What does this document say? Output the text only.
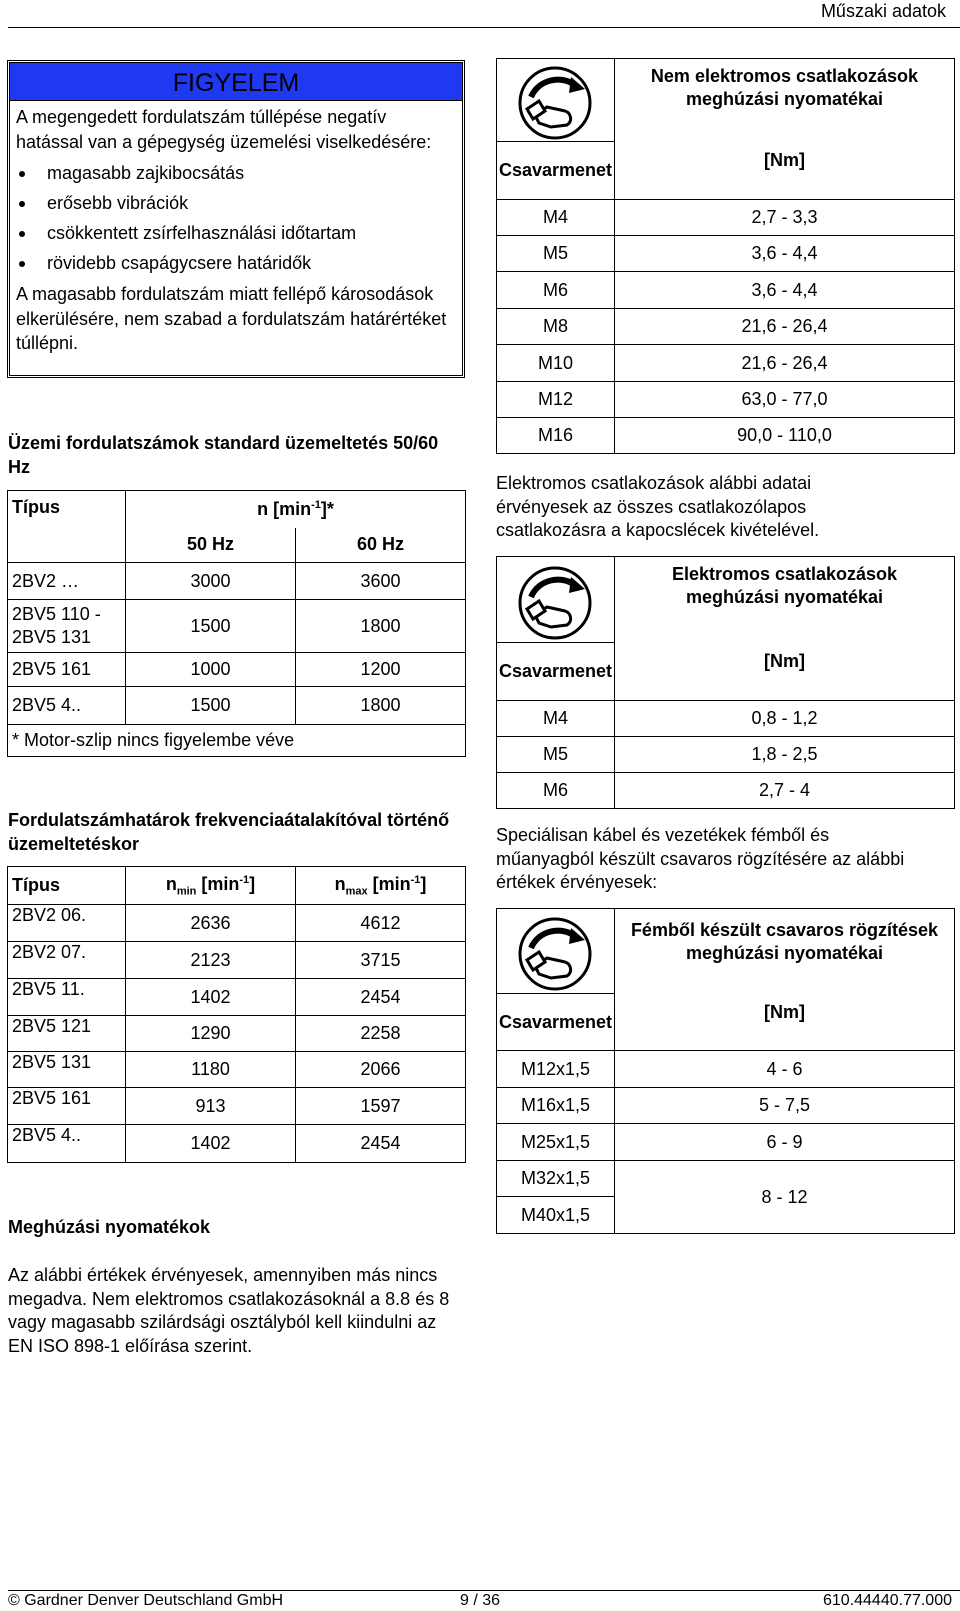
Műszaki adatok
FIGYELEM
A megengedett fordulatszám túllépése negatív hatással van a gépegység üzemelési viselkedésére:
magasabb zajkibocsátás
erősebb vibrációk
csökkentett zsírfelhasználási időtartam
rövidebb csapágycsere határidők
A magasabb fordulatszám miatt fellépő károsodások elkerülésére, nem szabad a fordulatszám határértéket túllépni.
Üzemi fordulatszámok standard üzemeltetés 50/60 Hz
Típus	n $[\min^{-1}]*$	
	50 Hz	60 Hz
2BV2 …	3000	3600
2BV5 110 - 2BV5 131	1500	1800
2BV5 161	1000	1200
2BV5 4..	1500	1800
* Motor-szlip nincs figyelembe véve		
Fordulatszámhatárok frekvenciaátalakítóval történő üzemeltetéskor
Típus	$n_{min}$ $[\min^{-1}]$	$n_{max}$ $[\min^{-1}]$
2BV2 06.	2636	4612
2BV2 07.	2123	3715
2BV5 11.	1402	2454
2BV5 121	1290	2258
2BV5 131	1180	2066
2BV5 161	913	1597
2BV5 4..	1402	2454
Meghúzási nyomatékok
Az alábbi értékek érvényesek, amennyiben más nincs megadva. Nem elektromos csatlakozásoknál a 8.8 és 8 vagy magasabb szilárdsági osztályból kell kiindulni az EN ISO 898-1 előírása szerint.
	Nem elektromos csatlakozások meghúzási nyomatékai
Csavarmenet	[Nm]
M4	2,7 - 3,3
M5	3,6 - 4,4
M6	3,6 - 4,4
M8	21,6 - 26,4
M10	21,6 - 26,4
M12	63,0 - 77,0
M16	90,0 - 110,0
Elektromos csatlakozások alábbi adatai érvényesek az összes csatlakozólapos csatlakozásra a kapocslécek kivételével.
	Elektromos csatlakozások meghúzási nyomatékai
Csavarmenet	[Nm]
M4	0,8 - 1,2
M5	1,8 - 2,5
M6	2,7 - 4
Speciálisan kábel és vezetékek fémből és műanyagból készült csavaros rögzítésére az alábbi értékek érvényesek:
	Fémből készült csavaros rögzítések meghúzási nyomatékai
Csavarmenet	[Nm]
M12x1,5	4 - 6
M16x1,5	5 - 7,5
M25x1,5	6 - 9
M32x1,5	8 - 12
M40x1,5	
© Gardner Denver Deutschland GmbH	9 / 36	610.44440.77.000
